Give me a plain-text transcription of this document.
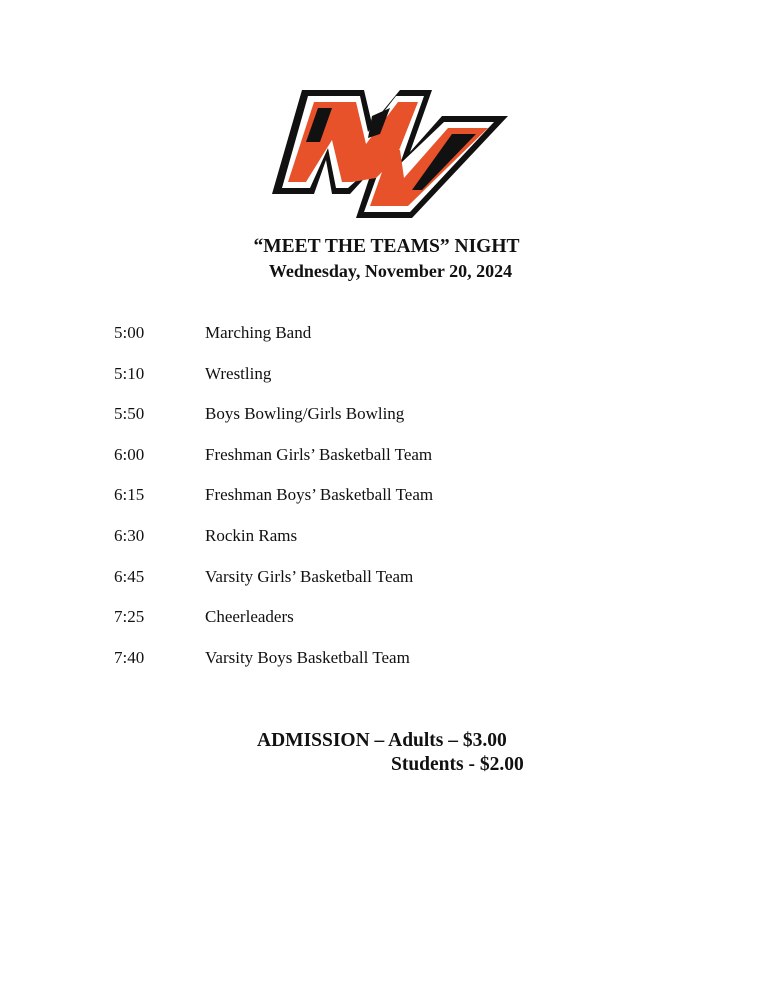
“MEET THE TEAMS” NIGHT
Wednesday, November 20, 2024
5:00	Marching Band
5:10	Wrestling
5:50	Boys Bowling/Girls Bowling
6:00	Freshman Girls’ Basketball Team
6:15	Freshman Boys’ Basketball Team
6:30	Rockin Rams
6:45	Varsity Girls’ Basketball Team
7:25	Cheerleaders
7:40	Varsity Boys Basketball Team
ADMISSION – Adults – $3.00
Students - $2.00
